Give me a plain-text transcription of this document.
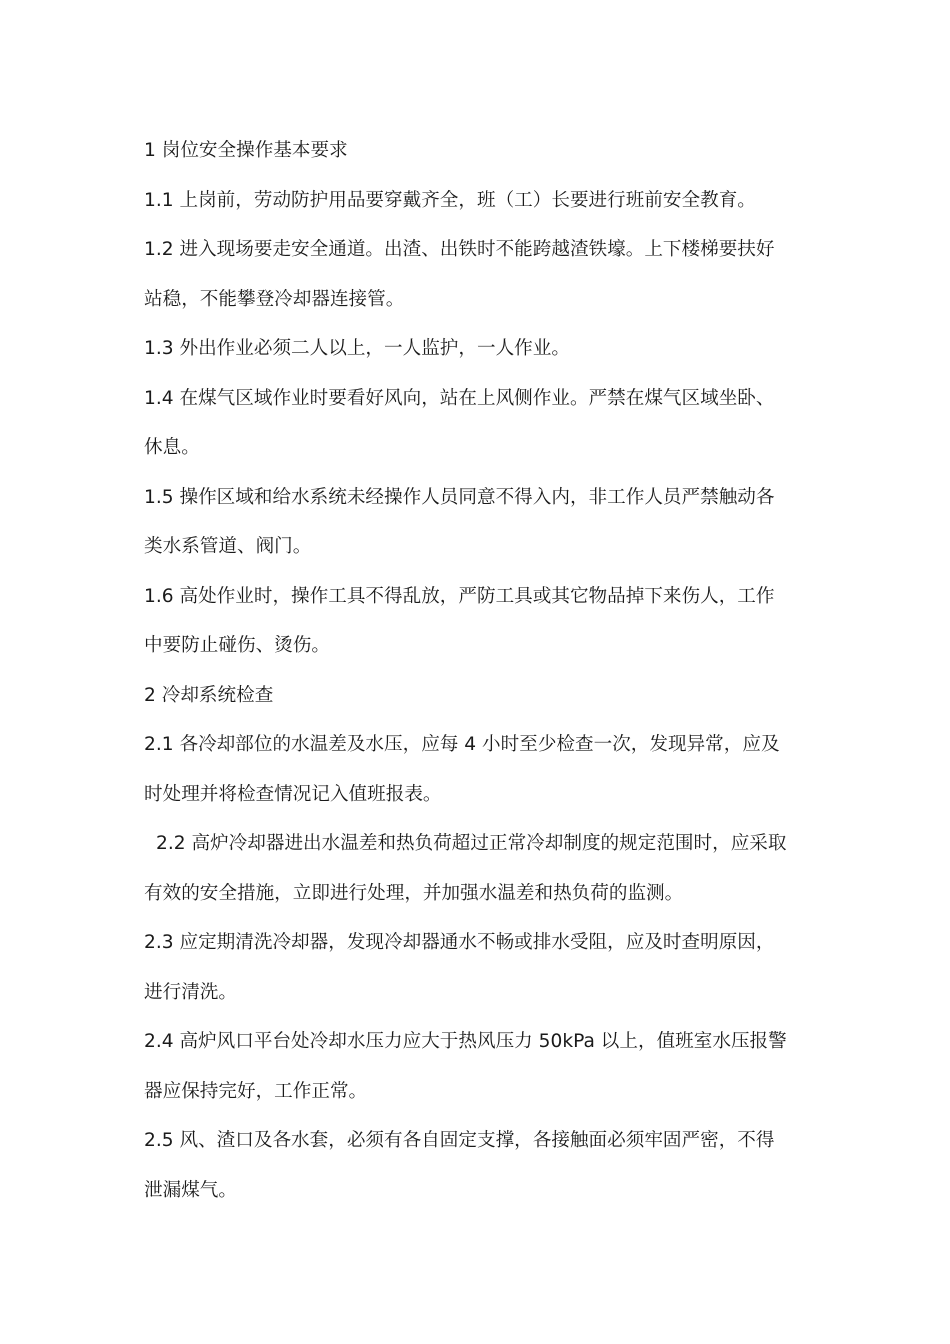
1 岗位安全操作基本要求

1.1 上岗前，劳动防护用品要穿戴齐全，班（工）长要进行班前安全教育。

1.2 进入现场要走安全通道。出渣、出铁时不能跨越渣铁壕。上下楼梯要扶好

站稳，不能攀登冷却器连接管。

1.3 外出作业必须二人以上，一人监护，一人作业。

1.4 在煤气区域作业时要看好风向，站在上风侧作业。严禁在煤气区域坐卧、

休息。

1.5 操作区域和给水系统未经操作人员同意不得入内，非工作人员严禁触动各

类水系管道、阀门。

1.6 高处作业时，操作工具不得乱放，严防工具或其它物品掉下来伤人，工作

中要防止碰伤、烫伤。

2 冷却系统检查

2.1 各冷却部位的水温差及水压，应每 4 小时至少检查一次，发现异常，应及

时处理并将检查情况记入值班报表。

2.2 高炉冷却器进出水温差和热负荷超过正常冷却制度的规定范围时，应采取

有效的安全措施，立即进行处理，并加强水温差和热负荷的监测。

2.3 应定期清洗冷却器，发现冷却器通水不畅或排水受阻，应及时查明原因，

进行清洗。

2.4 高炉风口平台处冷却水压力应大于热风压力 50kPa 以上，值班室水压报警

器应保持完好，工作正常。

2.5 风、渣口及各水套，必须有各自固定支撑，各接触面必须牢固严密，不得

泄漏煤气。
